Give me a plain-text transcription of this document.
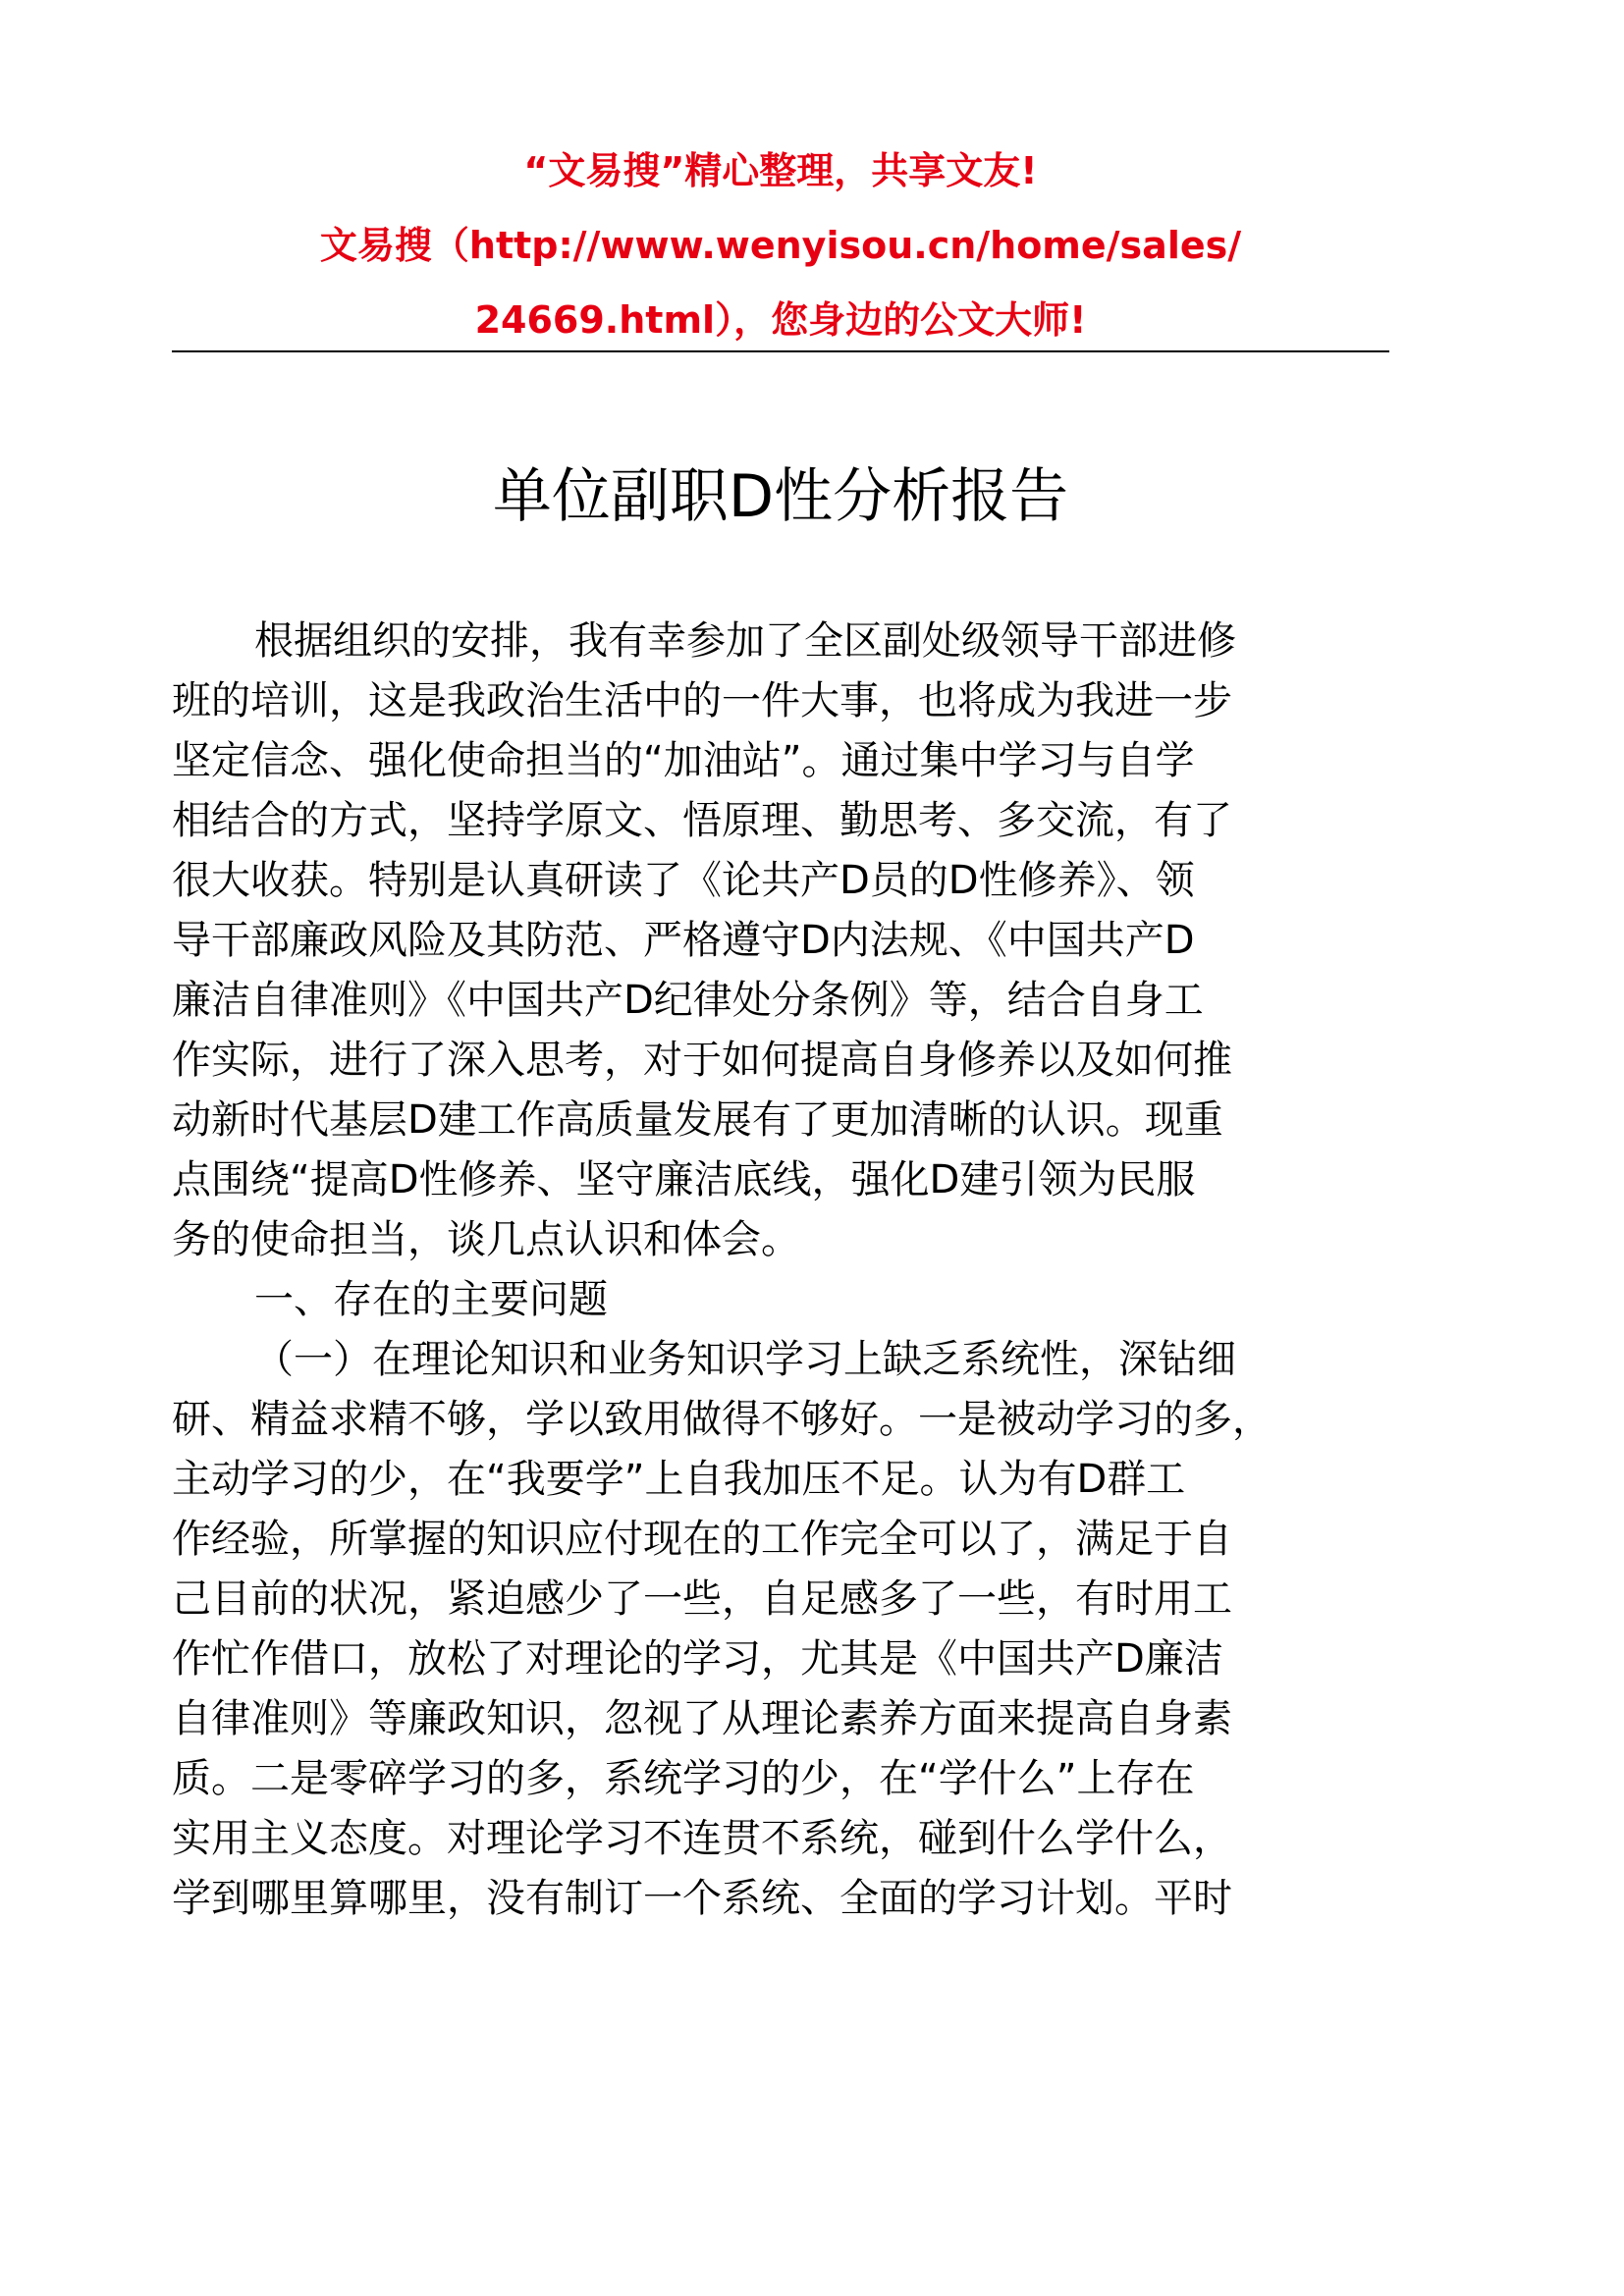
“文易搜”精心整理，共享文友!
文易搜（http://www.wenyisou.cn/home/sales/
24669.html），您身边的公文大师!
单位副职D性分析报告
根据组织的安排，我有幸参加了全区副处级领导干部进修
班的培训，这是我政治生活中的一件大事，也将成为我进一步
坚定信念、强化使命担当的“加油站”。通过集中学习与自学
相结合的方式，坚持学原文、悟原理、勤思考、多交流，有了
很大收获。特别是认真研读了《论共产D员的D性修养》、领
导干部廉政风险及其防范、严格遵守D内法规、《中国共产D
廉洁自律准则》《中国共产D纪律处分条例》等，结合自身工
作实际，进行了深入思考，对于如何提高自身修养以及如何推
动新时代基层D建工作高质量发展有了更加清晰的认识。现重
点围绕“提高D性修养、坚守廉洁底线，强化D建引领为民服
务的使命担当，谈几点认识和体会。
一、存在的主要问题
（一）在理论知识和业务知识学习上缺乏系统性，深钻细
研、精益求精不够，学以致用做得不够好。一是被动学习的多，
主动学习的少，在“我要学”上自我加压不足。认为有D群工
作经验，所掌握的知识应付现在的工作完全可以了，满足于自
己目前的状况，紧迫感少了一些，自足感多了一些，有时用工
作忙作借口，放松了对理论的学习，尤其是《中国共产D廉洁
自律准则》等廉政知识，忽视了从理论素养方面来提高自身素
质。二是零碎学习的多，系统学习的少，在“学什么”上存在
实用主义态度。对理论学习不连贯不系统，碰到什么学什么，
学到哪里算哪里，没有制订一个系统、全面的学习计划。平时
